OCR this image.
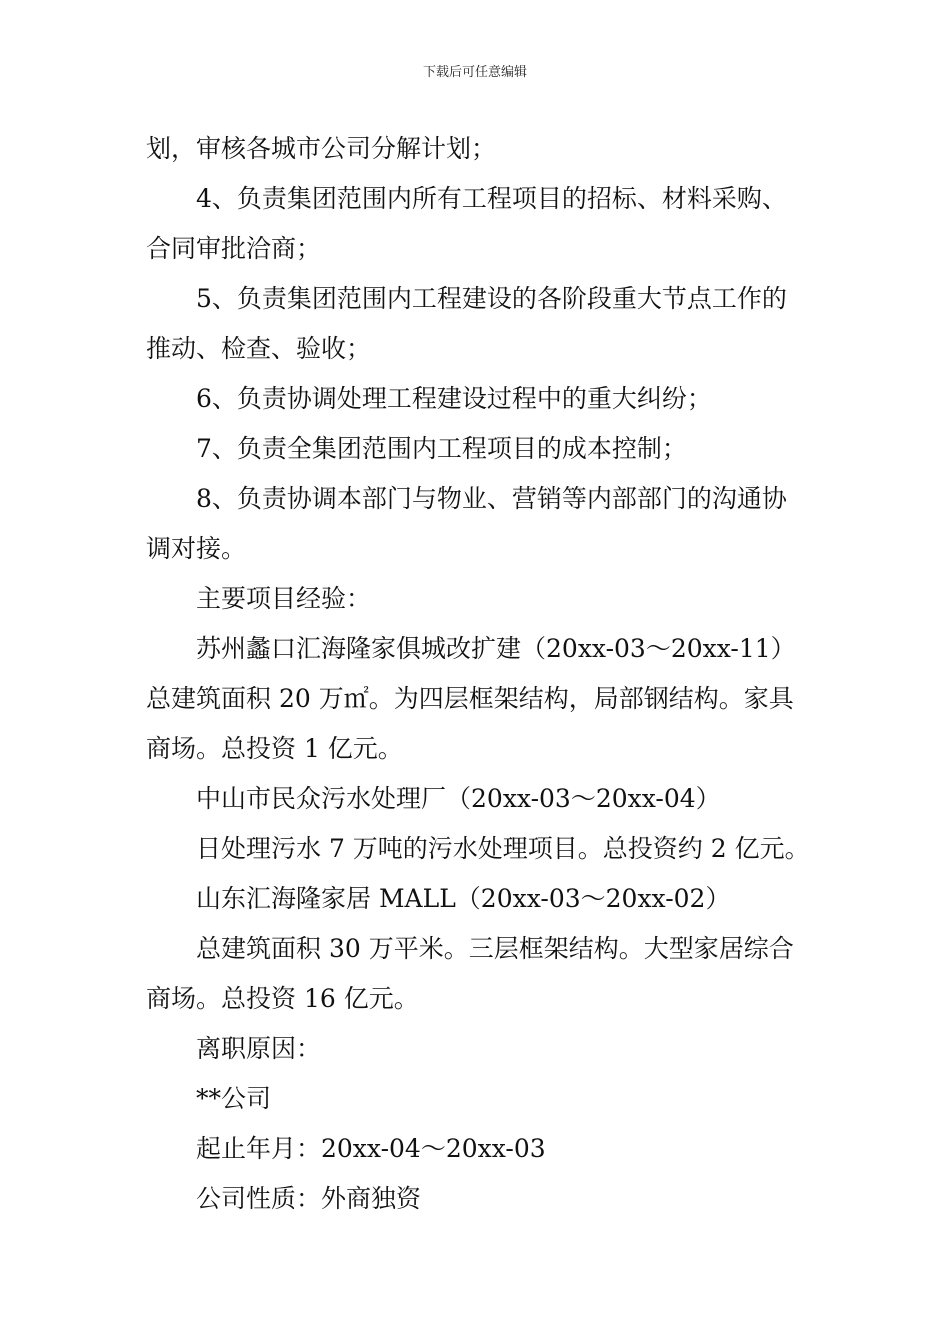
下载后可任意编辑
划，审核各城市公司分解计划；
4、负责集团范围内所有工程项目的招标、材料采购、
合同审批洽商；
5、负责集团范围内工程建设的各阶段重大节点工作的
推动、检查、验收；
6、负责协调处理工程建设过程中的重大纠纷；
7、负责全集团范围内工程项目的成本控制；
8、负责协调本部门与物业、营销等内部部门的沟通协
调对接。
主要项目经验：
苏州蠡口汇海隆家俱城改扩建（20xx-03～20xx-11）
总建筑面积 20 万㎡。为四层框架结构，局部钢结构。家具
商场。总投资 1 亿元。
中山市民众污水处理厂（20xx-03～20xx-04）
日处理污水 7 万吨的污水处理项目。总投资约 2 亿元。
山东汇海隆家居 MALL（20xx-03～20xx-02）
总建筑面积 30 万平米。三层框架结构。大型家居综合
商场。总投资 16 亿元。
离职原因：
**公司
起止年月：20xx-04～20xx-03
公司性质：外商独资
